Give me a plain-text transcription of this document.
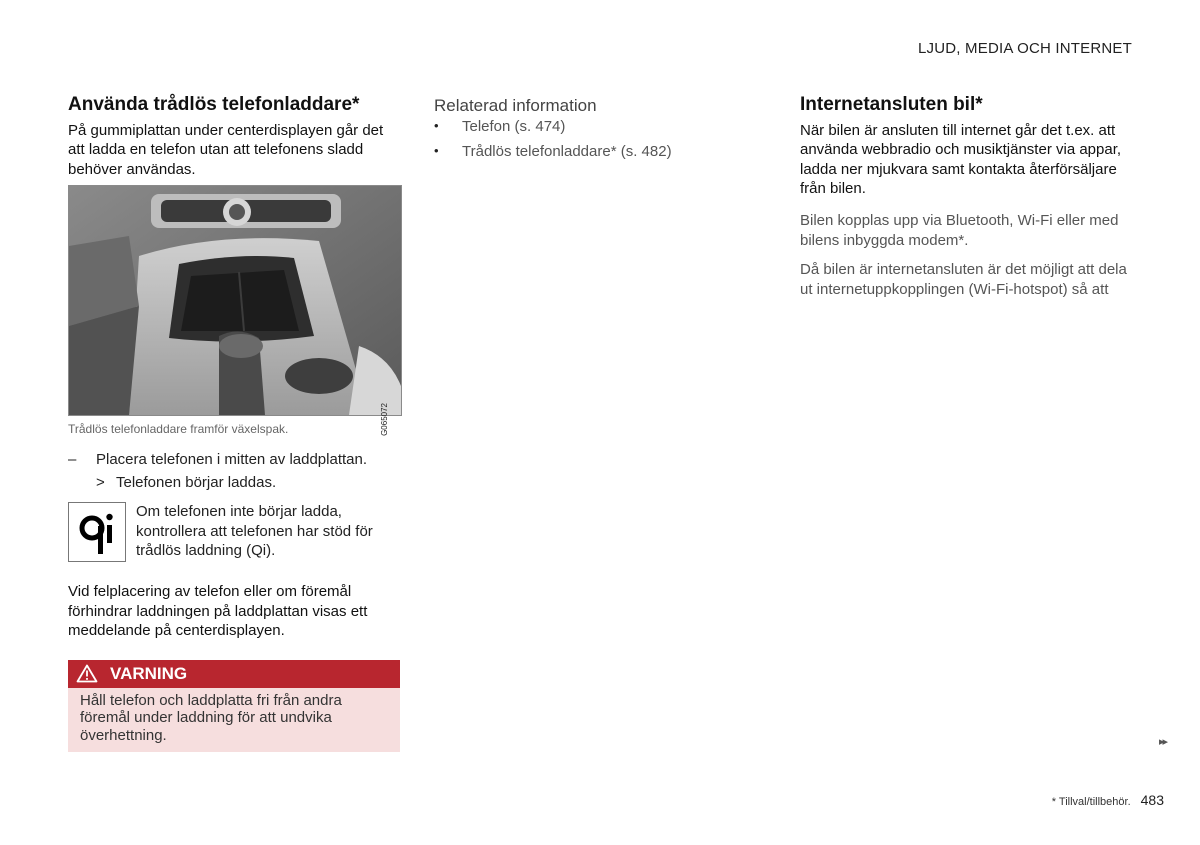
LJUD, MEDIA OCH INTERNET
Använda trådlös telefonladdare*

På gummiplattan under centerdisplayen går det att ladda en telefon utan att telefonens sladd behöver användas.

G065072
Trådlös telefonladdare framför växelspak.
–	Placera telefonen i mitten av laddplattan.
> Telefonen börjar laddas.
Om telefonen inte börjar ladda, kontrollera att telefonen har stöd för trådlös laddning (Qi).

Vid felplacering av telefon eller om föremål förhindrar laddningen på laddplattan visas ett meddelande på centerdisplayen.

VARNING
Håll telefon och laddplatta fri från andra föremål under laddning för att undvika överhettning.
Relaterad information
•	Telefon (s. 474)
•	Trådlös telefonladdare* (s. 482)
Internetansluten bil*

När bilen är ansluten till internet går det t.ex. att använda webbradio och musiktjänster via appar, ladda ner mjukvara samt kontakta återförsäljare från bilen.

Bilen kopplas upp via Bluetooth, Wi-Fi eller med bilens inbyggda modem*.

Då bilen är internetansluten är det möjligt att dela ut internetuppkopplingen (Wi-Fi-hotspot) så att

▸▸
* Tillval/tillbehör. 483
